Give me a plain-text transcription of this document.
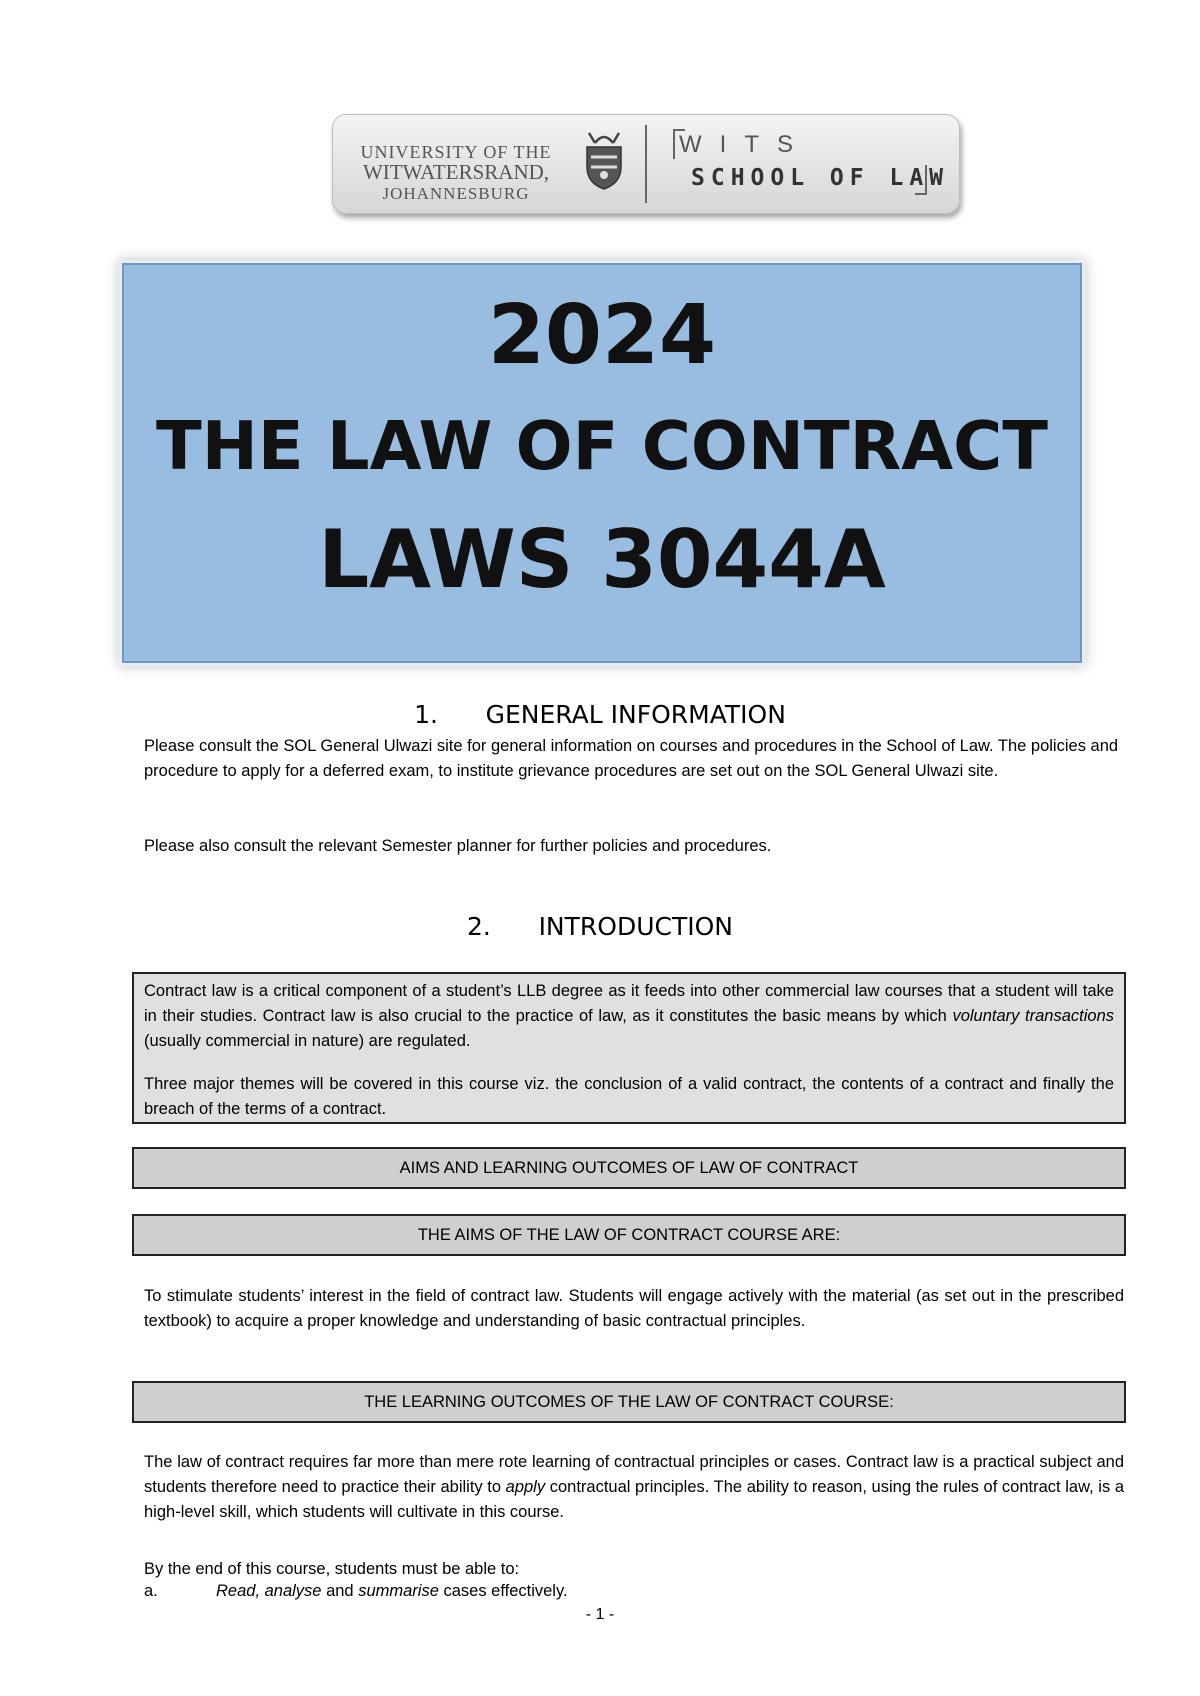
UNIVERSITY OF THE
WITWATERSRAND,
JOHANNESBURG
WITS
SCHOOL OF LAW
2024
THE LAW OF CONTRACT
LAWS 3044A
1. GENERAL INFORMATION
Please consult the SOL General Ulwazi site for general information on courses and procedures in the School of Law. The policies and procedure to apply for a deferred exam, to institute grievance procedures are set out on the SOL General Ulwazi site.
Please also consult the relevant Semester planner for further policies and procedures.
2. INTRODUCTION
Contract law is a critical component of a student’s LLB degree as it feeds into other commercial law courses that a student will take in their studies. Contract law is also crucial to the practice of law, as it constitutes the basic means by which voluntary transactions (usually commercial in nature) are regulated.
Three major themes will be covered in this course viz. the conclusion of a valid contract, the contents of a contract and finally the breach of the terms of a contract.
AIMS AND LEARNING OUTCOMES OF LAW OF CONTRACT
THE AIMS OF THE LAW OF CONTRACT COURSE ARE:
To stimulate students’ interest in the field of contract law. Students will engage actively with the material (as set out in the prescribed textbook) to acquire a proper knowledge and understanding of basic contractual principles.
THE LEARNING OUTCOMES OF THE LAW OF CONTRACT COURSE:
The law of contract requires far more than mere rote learning of contractual principles or cases. Contract law is a practical subject and students therefore need to practice their ability to apply contractual principles. The ability to reason, using the rules of contract law, is a high-level skill, which students will cultivate in this course.
By the end of this course, students must be able to:
a.	Read, analyse and summarise cases effectively.
- 1 -
